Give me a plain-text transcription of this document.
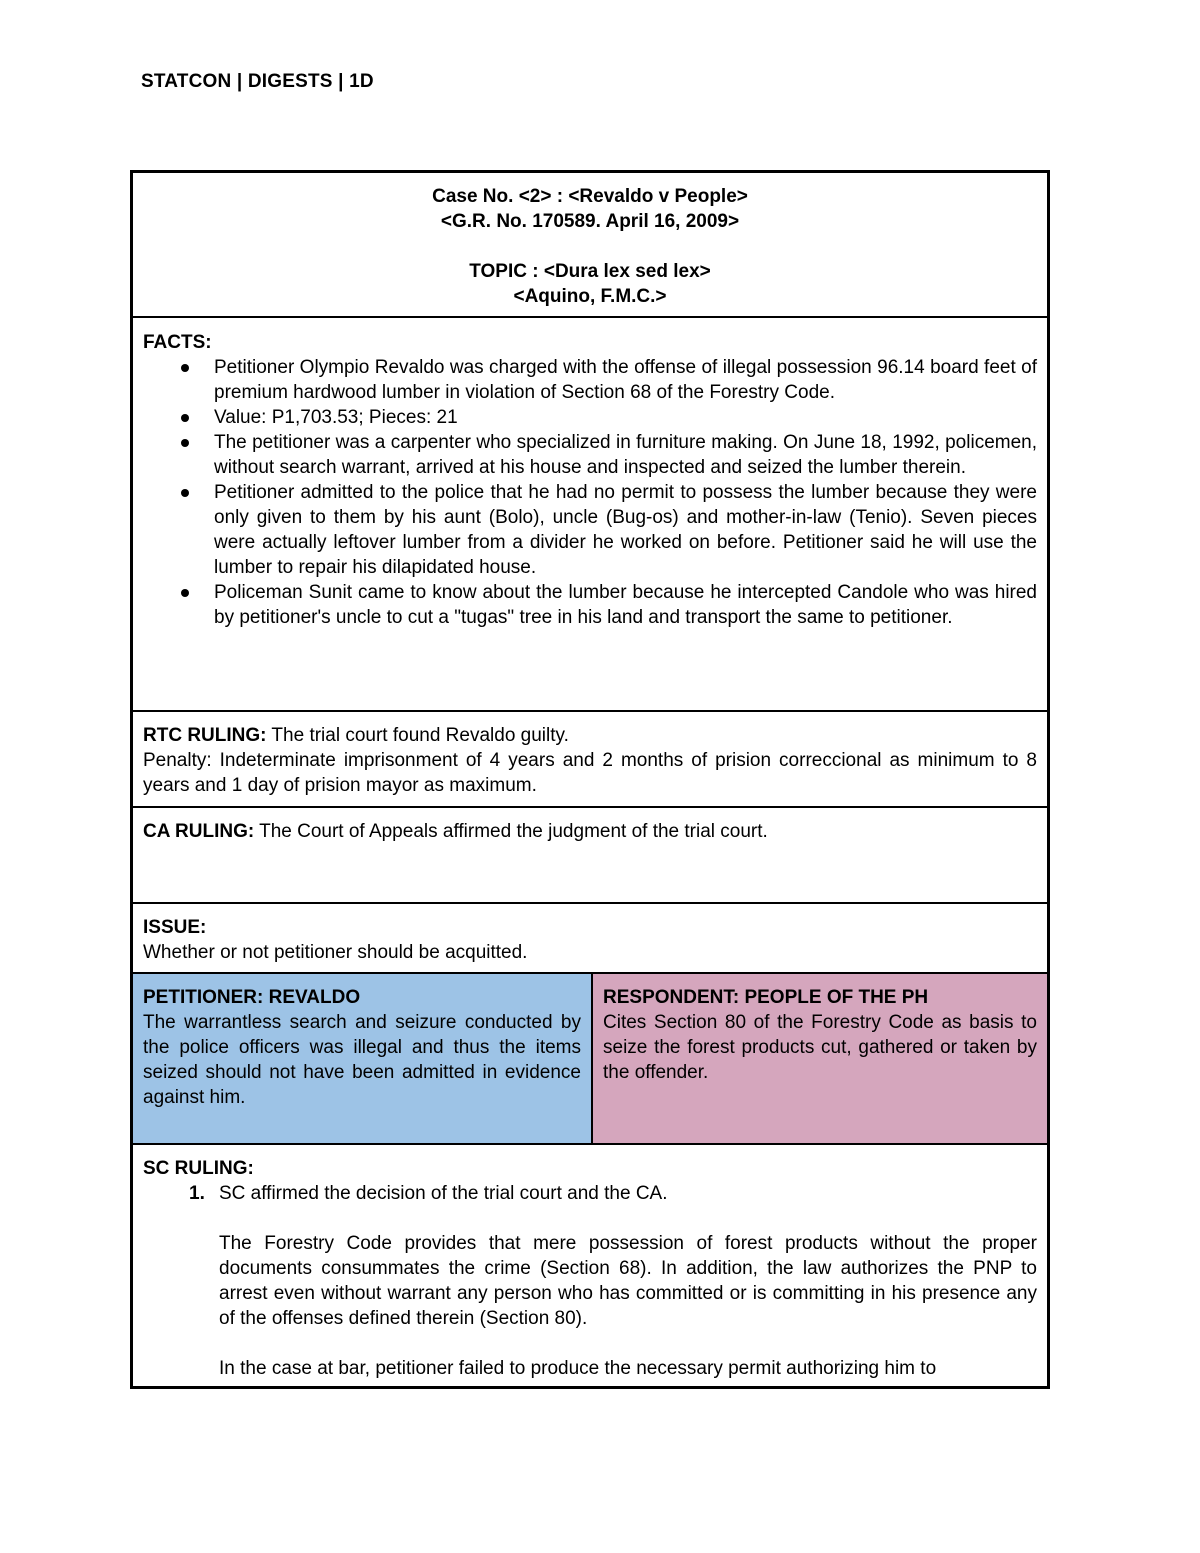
STATCON | DIGESTS | 1D
Case No. <2> : <Revaldo v People>
<G.R. No. 170589. April 16, 2009>
TOPIC : <Dura lex sed lex>
<Aquino, F.M.C.>
FACTS:
Petitioner Olympio Revaldo was charged with the offense of illegal possession 96.14 board feet of premium hardwood lumber in violation of Section 68 of the Forestry Code.
Value: P1,703.53; Pieces: 21
The petitioner was a carpenter who specialized in furniture making. On June 18, 1992, policemen, without search warrant, arrived at his house and inspected and seized the lumber therein.
Petitioner admitted to the police that he had no permit to possess the lumber because they were only given to them by his aunt (Bolo), uncle (Bug-os) and mother-in-law (Tenio). Seven pieces were actually leftover lumber from a divider he worked on before. Petitioner said he will use the lumber to repair his dilapidated house.
Policeman Sunit came to know about the lumber because he intercepted Candole who was hired by petitioner's uncle to cut a "tugas" tree in his land and transport the same to petitioner.
RTC RULING: The trial court found Revaldo guilty.
Penalty: Indeterminate imprisonment of 4 years and 2 months of prision correccional as minimum to 8 years and 1 day of prision mayor as maximum.
CA RULING: The Court of Appeals affirmed the judgment of the trial court.
ISSUE:
Whether or not petitioner should be acquitted.
PETITIONER: REVALDO
The warrantless search and seizure conducted by the police officers was illegal and thus the items seized should not have been admitted in evidence against him.
RESPONDENT: PEOPLE OF THE PH
Cites Section 80 of the Forestry Code as basis to seize the forest products cut, gathered or taken by the offender.
SC RULING:
1. SC affirmed the decision of the trial court and the CA.
The Forestry Code provides that mere possession of forest products without the proper documents consummates the crime (Section 68). In addition, the law authorizes the PNP to arrest even without warrant any person who has committed or is committing in his presence any of the offenses defined therein (Section 80).
In the case at bar, petitioner failed to produce the necessary permit authorizing him to
